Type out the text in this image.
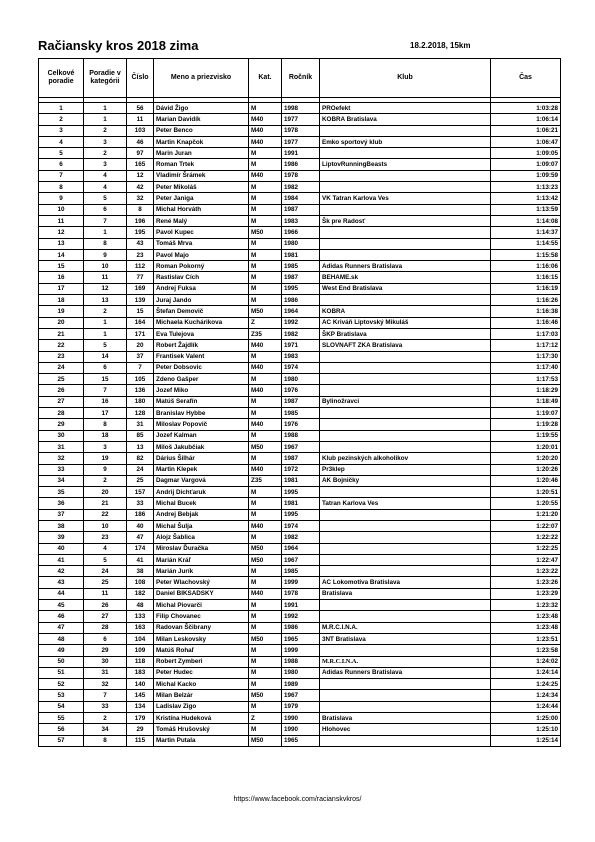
Račiansky kros 2018 zima	18.2.2018, 15km
Celkové poradie	Poradie v kategórii	Číslo	Meno a priezvisko	Kat.	Ročník	Klub	Čas

1	1	56	Dávid Žigo	M	1998	PROefekt	1:03:28
2	1	11	Marian Davidík	M40	1977	KOBRA Bratislava	1:06:14
3	2	103	Peter Benco	M40	1978		1:06:21
4	3	46	Martin Knapčok	M40	1977	Emko sportový klub	1:06:47
5	2	97	Marin Juran	M	1991		1:09:05
6	3	165	Roman Trtek	M	1986	LiptovRunningBeasts	1:09:07
7	4	12	Vladimír Šrámek	M40	1978		1:09:59
8	4	42	Peter Mikoláš	M	1982		1:13:23
9	5	32	Peter Janiga	M	1984	VK Tatran Karlova Ves	1:13:42
10	6	8	Michal Horváth	M	1987		1:13:59
11	7	196	René Malý	M	1983	Šk pre Radosť	1:14:08
12	1	195	Pavol Kupec	M50	1966		1:14:37
13	8	43	Tomáš Mrva	M	1980		1:14:55
14	9	23	Pavol Majo	M	1981		1:15:58
15	10	112	Roman Pokorný	M	1985	Adidas Runners Bratislava	1:16:06
16	11	77	Rastislav Cích	M	1987	BEHAME.sk	1:16:15
17	12	169	Andrej Fuksa	M	1995	West End Bratislava	1:16:19
18	13	139	Juraj Jando	M	1986		1:16:26
19	2	15	Štefan Demovič	M50	1964	KOBRA	1:16:38
20	1	164	Michaela Kuchárikova	Z	1992	AC Kriváň Liptovský Mikuláš	1:16:46
21	1	171	Eva Tulejova	Z35	1982	ŠKP Bratislava	1:17:03
22	5	20	Robert Žajdlík	M40	1971	SLOVNAFT ZKA Bratislava	1:17:12
23	14	37	Frantisek Valent	M	1983		1:17:30
24	6	7	Peter Dobsovic	M40	1974		1:17:40
25	15	105	Zdeno Gašper	M	1980		1:17:53
26	7	136	Jozef Miko	M40	1976		1:18:29
27	16	180	Matúš Serafín	M	1987	Bylinožravci	1:18:49
28	17	128	Branislav Hybbe	M	1985		1:19:07
29	8	31	Miloslav Popovič	M40	1976		1:19:28
30	18	85	Jozef Kalman	M	1988		1:19:55
31	3	13	Miloš Jakubčiak	M50	1967		1:20:01
32	19	82	Dárius Šilhár	M	1987	Klub pezinských alkoholikov	1:20:20
33	9	24	Martin Klepek	M40	1972	Pr3klep	1:20:26
34	2	25	Dagmar Vargová	Z35	1981	AK Bojničky	1:20:46
35	20	157	Andrij Dichťaruk	M	1995		1:20:51
36	21	33	Michal Bucek	M	1981	Tatran Karlova Ves	1:20:55
37	22	186	Andrej Bebjak	M	1995		1:21:20
38	10	40	Michal Šulja	M40	1974		1:22:07
39	23	47	Alojz Šablica	M	1982		1:22:22
40	4	174	Miroslav Ďuračka	M50	1964		1:22:25
41	5	41	Marián Kráľ	M50	1967		1:22:47
42	24	38	Marián Jurík	M	1985		1:23:22
43	25	108	Peter Wlachovský	M	1999	AC Lokomotiva Bratislava	1:23:26
44	11	182	Daniel BIKSADSKY	M40	1978	Bratislava	1:23:29
45	26	48	Michal Piovarči	M	1991		1:23:32
46	27	133	Filip Chovanec	M	1992		1:23:48
47	28	163	Radovan Ščibrany	M	1986	M.R.C.I.N.A.	1:23:48
48	6	104	Milan Leskovsky	M50	1965	3NT Bratislava	1:23:51
49	29	109	Matúš Rohaľ	M	1999		1:23:58
50	30	118	Robert Zymberi	M	1988	M.R.C.I.N.A.	1:24:02
51	31	183	Peter Hudec	M	1980	Adidas Runners Bratislava	1:24:14
52	32	140	Michal Kacko	M	1989		1:24:25
53	7	145	Milan Belzár	M50	1967		1:24:34
54	33	134	Ladislav Zigo	M	1979		1:24:44
55	2	179	Kristína Hudeková	Z	1990	Bratislava	1:25:00
56	34	29	Tomáš Hrušovský	M	1990	Hlohovec	1:25:10
57	8	115	Martin Putala	M50	1965		1:25:14
https://www.facebook.com/racianskvkros/
